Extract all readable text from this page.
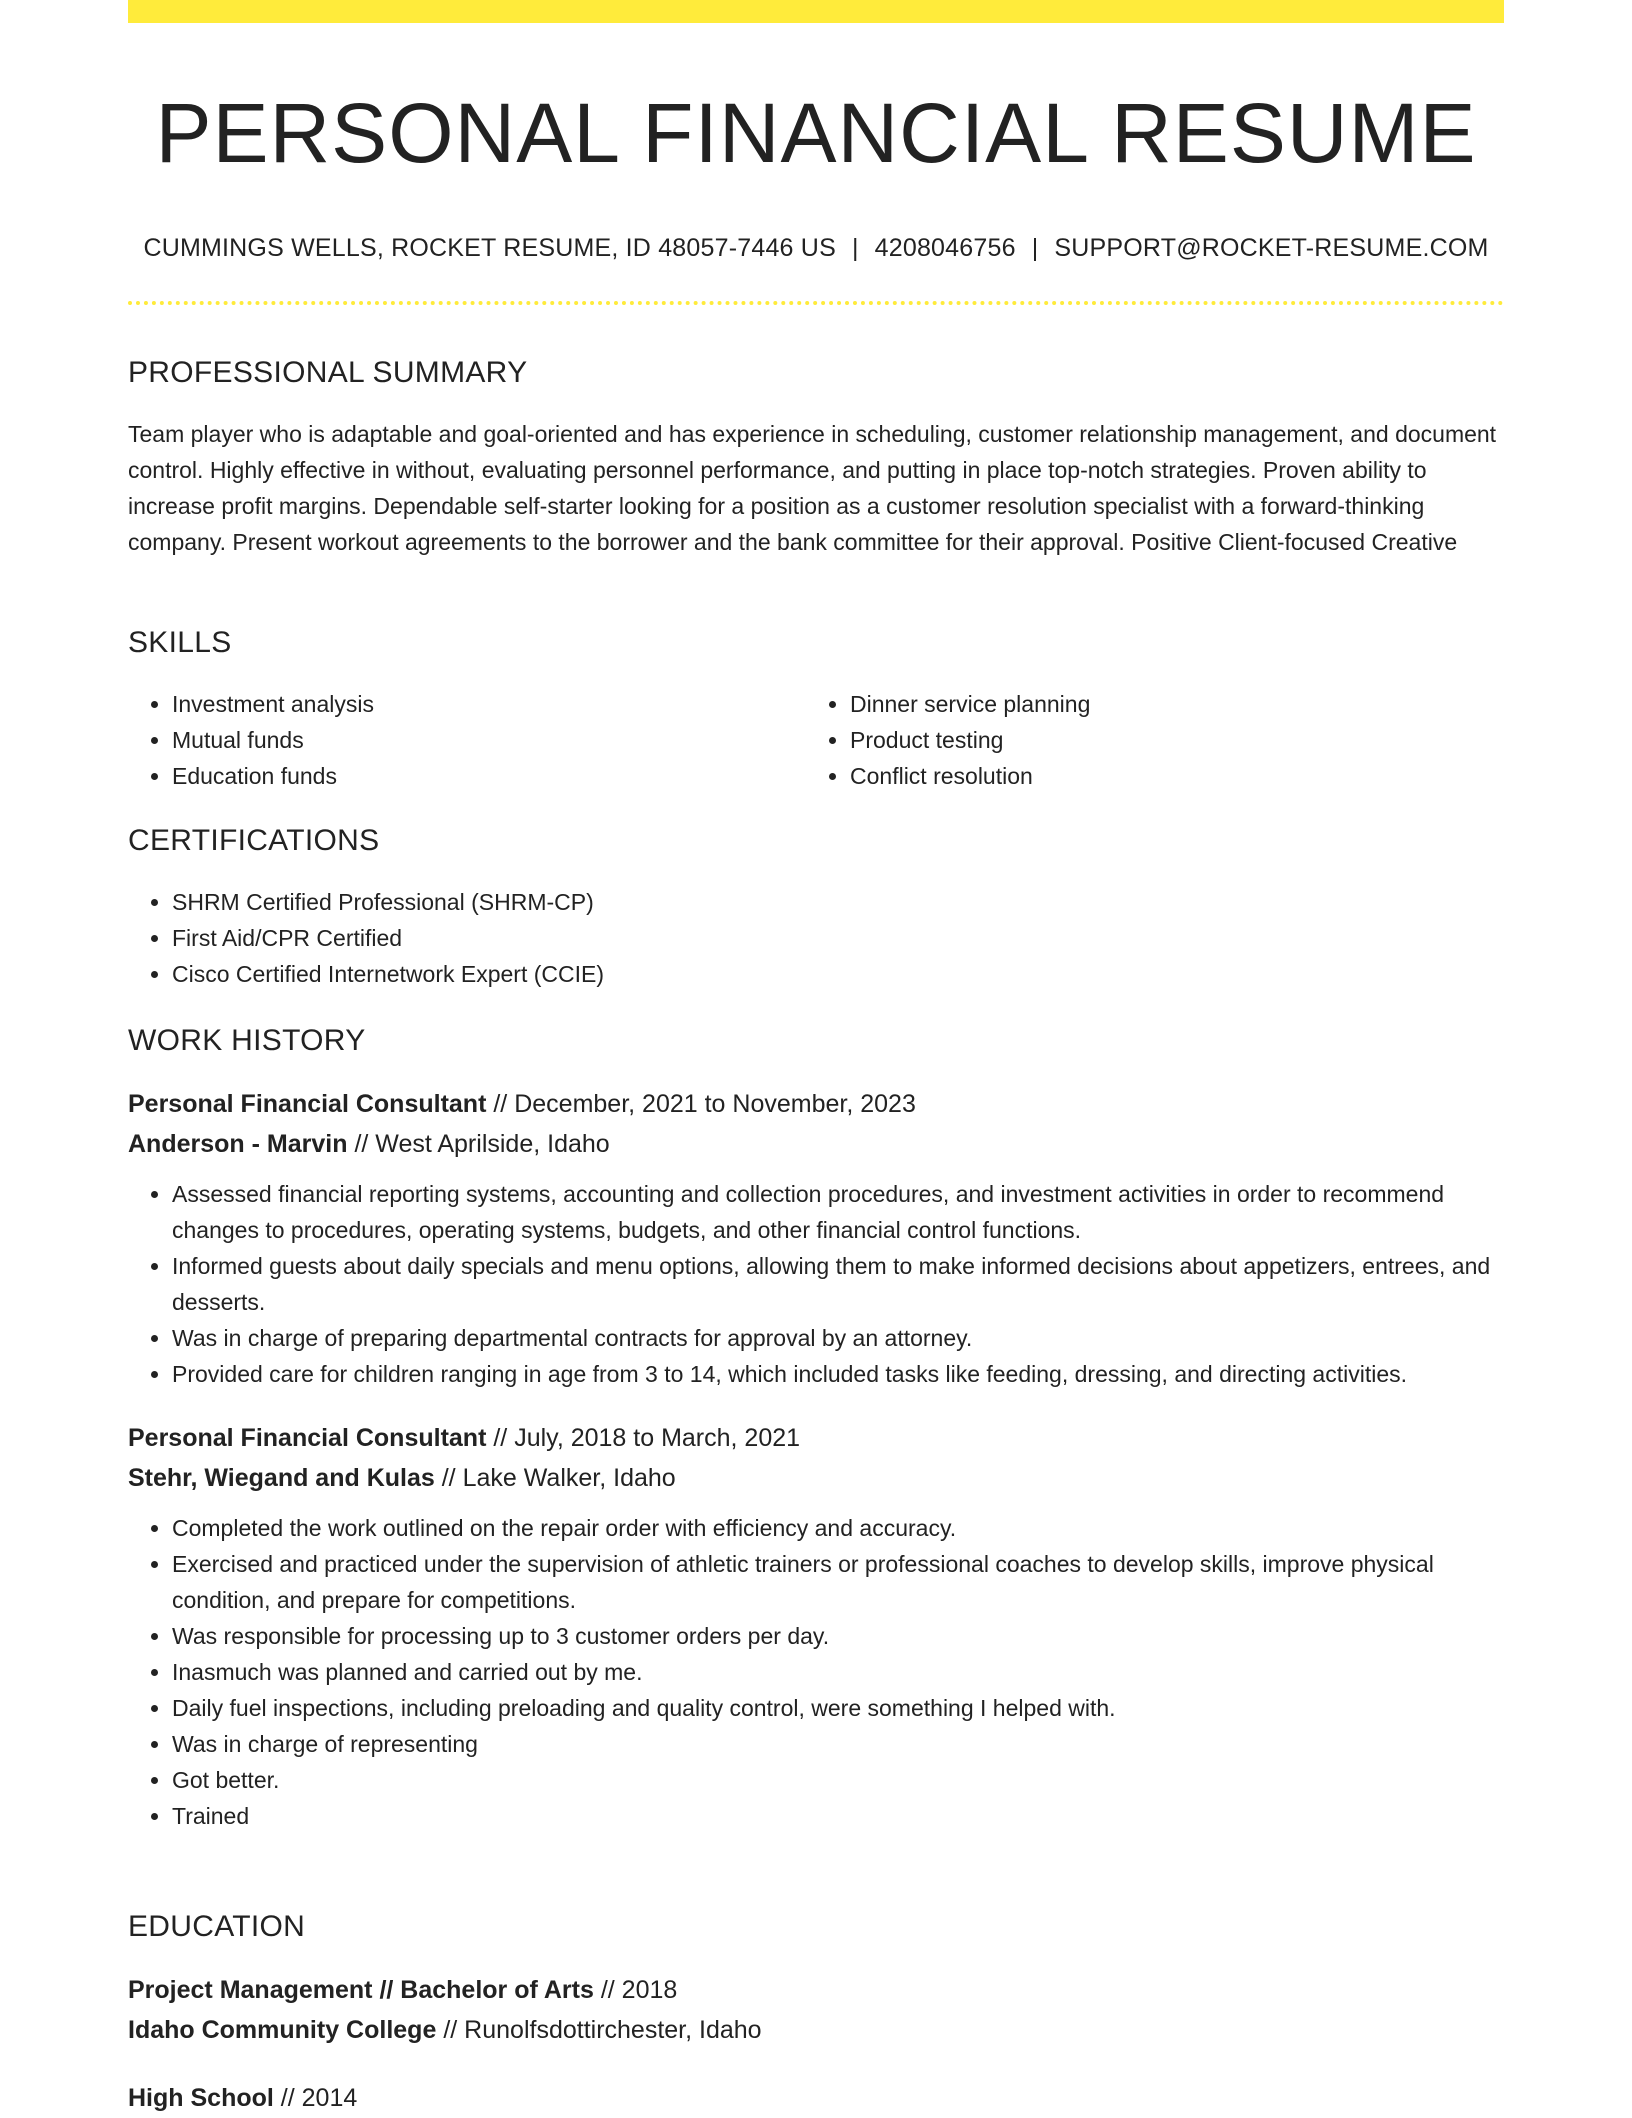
PERSONAL FINANCIAL RESUME
CUMMINGS WELLS, ROCKET RESUME, ID 48057-7446 US | 4208046756 | SUPPORT@ROCKET-RESUME.COM
PROFESSIONAL SUMMARY
Team player who is adaptable and goal-oriented and has experience in scheduling, customer relationship management, and document control. Highly effective in without, evaluating personnel performance, and putting in place top-notch strategies. Proven ability to increase profit margins. Dependable self-starter looking for a position as a customer resolution specialist with a forward-thinking company. Present workout agreements to the borrower and the bank committee for their approval. Positive Client-focused Creative
SKILLS
• Investment analysis
• Mutual funds
• Education funds
• Dinner service planning
• Product testing
• Conflict resolution
CERTIFICATIONS
• SHRM Certified Professional (SHRM-CP)
• First Aid/CPR Certified
• Cisco Certified Internetwork Expert (CCIE)
WORK HISTORY
Personal Financial Consultant // December, 2021 to November, 2023
Anderson - Marvin // West Aprilside, Idaho
• Assessed financial reporting systems, accounting and collection procedures, and investment activities in order to recommend changes to procedures, operating systems, budgets, and other financial control functions.
• Informed guests about daily specials and menu options, allowing them to make informed decisions about appetizers, entrees, and desserts.
• Was in charge of preparing departmental contracts for approval by an attorney.
• Provided care for children ranging in age from 3 to 14, which included tasks like feeding, dressing, and directing activities.
Personal Financial Consultant // July, 2018 to March, 2021
Stehr, Wiegand and Kulas // Lake Walker, Idaho
• Completed the work outlined on the repair order with efficiency and accuracy.
• Exercised and practiced under the supervision of athletic trainers or professional coaches to develop skills, improve physical condition, and prepare for competitions.
• Was responsible for processing up to 3 customer orders per day.
• Inasmuch was planned and carried out by me.
• Daily fuel inspections, including preloading and quality control, were something I helped with.
• Was in charge of representing
• Got better.
• Trained
EDUCATION
Project Management // Bachelor of Arts // 2018
Idaho Community College // Runolfsdottirchester, Idaho
High School // 2014
